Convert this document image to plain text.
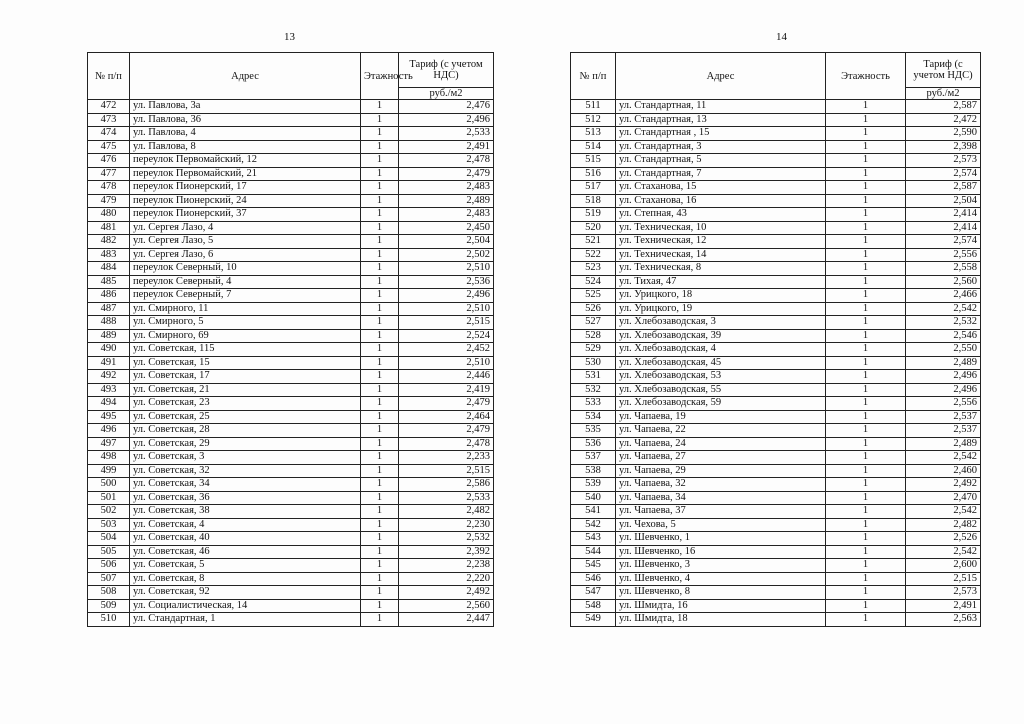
13	14
№ п/п	Адрес	Этажность	Тариф (с учетом НДС)
			руб./м2
472	ул. Павлова, 3а	1	2,476
473	ул. Павлова, 36	1	2,496
474	ул. Павлова, 4	1	2,533
475	ул. Павлова, 8	1	2,491
476	переулок Первомайский, 12	1	2,478
477	переулок Первомайский, 21	1	2,479
478	переулок Пионерский, 17	1	2,483
479	переулок Пионерский, 24	1	2,489
480	переулок Пионерский, 37	1	2,483
481	ул. Сергея Лазо, 4	1	2,450
482	ул. Сергея Лазо, 5	1	2,504
483	ул. Сергея Лазо, 6	1	2,502
484	переулок Северный, 10	1	2,510
485	переулок Северный, 4	1	2,536
486	переулок Северный, 7	1	2,496
487	ул. Смирного, 11	1	2,510
488	ул. Смирного, 5	1	2,515
489	ул. Смирного, 69	1	2,524
490	ул. Советская, 115	1	2,452
491	ул. Советская, 15	1	2,510
492	ул. Советская, 17	1	2,446
493	ул. Советская, 21	1	2,419
494	ул. Советская, 23	1	2,479
495	ул. Советская, 25	1	2,464
496	ул. Советская, 28	1	2,479
497	ул. Советская, 29	1	2,478
498	ул. Советская, 3	1	2,233
499	ул. Советская, 32	1	2,515
500	ул. Советская, 34	1	2,586
501	ул. Советская, 36	1	2,533
502	ул. Советская, 38	1	2,482
503	ул. Советская, 4	1	2,230
504	ул. Советская, 40	1	2,532
505	ул. Советская, 46	1	2,392
506	ул. Советская, 5	1	2,238
507	ул. Советская, 8	1	2,220
508	ул. Советская, 92	1	2,492
509	ул. Социалистическая, 14	1	2,560
510	ул. Стандартная, 1	1	2,447
№ п/п	Адрес	Этажность	Тариф (с учетом НДС)
			руб./м2
511	ул. Стандартная, 11	1	2,587
512	ул. Стандартная, 13	1	2,472
513	ул. Стандартная , 15	1	2,590
514	ул. Стандартная, 3	1	2,398
515	ул. Стандартная, 5	1	2,573
516	ул. Стандартная, 7	1	2,574
517	ул. Стаханова, 15	1	2,587
518	ул. Стаханова, 16	1	2,504
519	ул. Степная, 43	1	2,414
520	ул. Техническая, 10	1	2,414
521	ул. Техническая, 12	1	2,574
522	ул. Техническая, 14	1	2,556
523	ул. Техническая, 8	1	2,558
524	ул. Тихая, 47	1	2,560
525	ул. Урицкого, 18	1	2,466
526	ул. Урицкого, 19	1	2,542
527	ул. Хлебозаводская, 3	1	2,532
528	ул. Хлебозаводская, 39	1	2,546
529	ул. Хлебозаводская, 4	1	2,550
530	ул. Хлебозаводская, 45	1	2,489
531	ул. Хлебозаводская, 53	1	2,496
532	ул. Хлебозаводская, 55	1	2,496
533	ул. Хлебозаводская, 59	1	2,556
534	ул. Чапаева, 19	1	2,537
535	ул. Чапаева, 22	1	2,537
536	ул. Чапаева, 24	1	2,489
537	ул. Чапаева, 27	1	2,542
538	ул. Чапаева, 29	1	2,460
539	ул. Чапаева, 32	1	2,492
540	ул. Чапаева, 34	1	2,470
541	ул. Чапаева, 37	1	2,542
542	ул. Чехова, 5	1	2,482
543	ул. Шевченко, 1	1	2,526
544	ул. Шевченко, 16	1	2,542
545	ул. Шевченко, 3	1	2,600
546	ул. Шевченко, 4	1	2,515
547	ул. Шевченко, 8	1	2,573
548	ул. Шмидта, 16	1	2,491
549	ул. Шмидта, 18	1	2,563
